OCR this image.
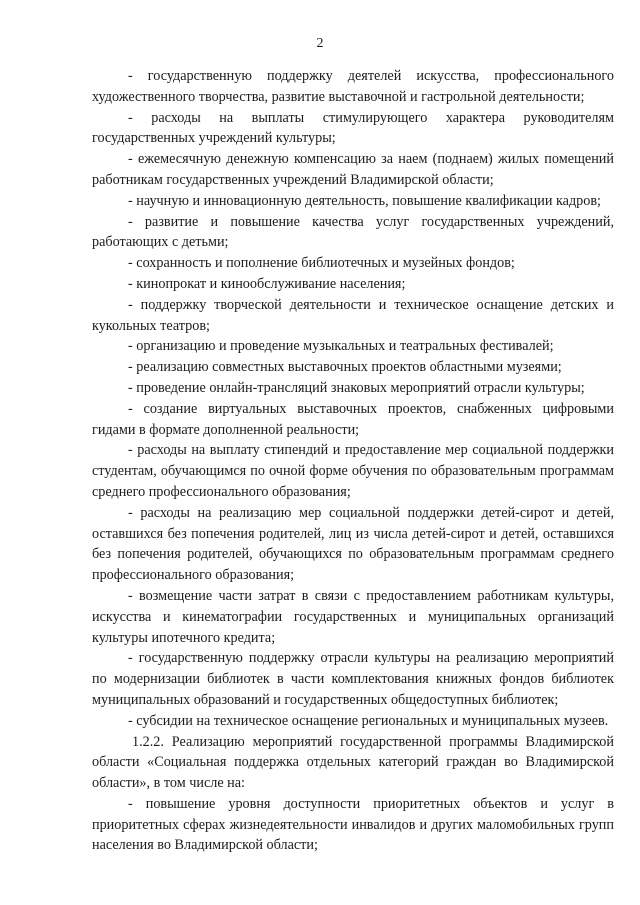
2

- государственную поддержку деятелей искусства, профессионального художественного творчества, развитие выставочной и гастрольной деятельности;

- расходы на выплаты стимулирующего характера руководителям государственных учреждений культуры;

- ежемесячную денежную компенсацию за наем (поднаем) жилых помещений работникам государственных учреждений Владимирской области;

- научную и инновационную деятельность, повышение квалификации кадров;

- развитие и повышение качества услуг государственных учреждений, работающих с детьми;

- сохранность и пополнение библиотечных и музейных фондов;

- кинопрокат и кинообслуживание населения;

- поддержку творческой деятельности и техническое оснащение детских и кукольных театров;

- организацию и проведение музыкальных и театральных фестивалей;

- реализацию совместных выставочных проектов областными музеями;

- проведение онлайн-трансляций знаковых мероприятий отрасли культуры;

- создание виртуальных выставочных проектов, снабженных цифровыми гидами в формате дополненной реальности;

- расходы на выплату стипендий и предоставление мер социальной поддержки студентам, обучающимся по очной форме обучения по образовательным программам среднего профессионального образования;

- расходы на реализацию мер социальной поддержки детей-сирот и детей, оставшихся без попечения родителей, лиц из числа детей-сирот и детей, оставшихся без попечения родителей, обучающихся по образовательным программам среднего профессионального образования;

- возмещение части затрат в связи с предоставлением работникам культуры, искусства и кинематографии государственных и муниципальных организаций культуры ипотечного кредита;

- государственную поддержку отрасли культуры на реализацию мероприятий по модернизации библиотек в части комплектования книжных фондов библиотек муниципальных образований и государственных общедоступных библиотек;

- субсидии на техническое оснащение региональных и муниципальных музеев.

1.2.2. Реализацию мероприятий государственной программы Владимирской области «Социальная поддержка отдельных категорий граждан во Владимирской области», в том числе на:

- повышение уровня доступности приоритетных объектов и услуг в приоритетных сферах жизнедеятельности инвалидов и других маломобильных групп населения во Владимирской области;
